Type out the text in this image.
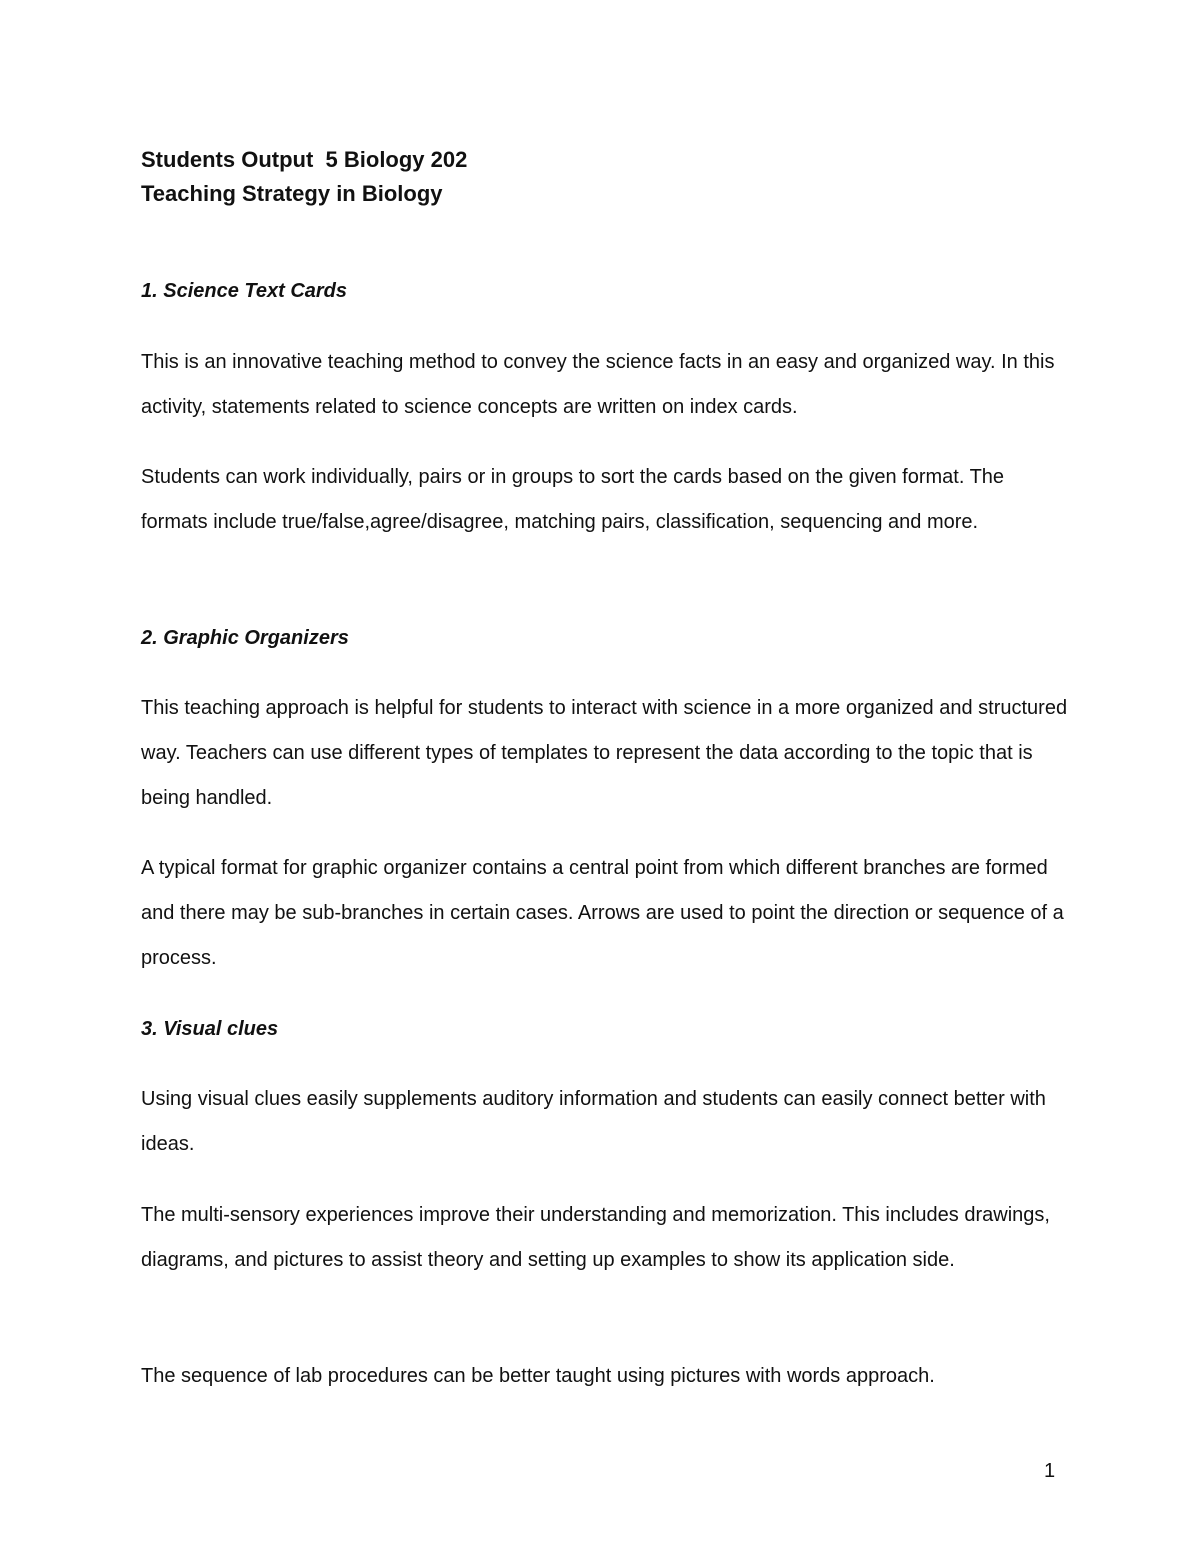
Students Output  5 Biology 202
Teaching Strategy in Biology
1. Science Text Cards
This is an innovative teaching method to convey the science facts in an easy and organized way. In this activity, statements related to science concepts are written on index cards.
Students can work individually, pairs or in groups to sort the cards based on the given format. The formats include true/false,agree/disagree, matching pairs, classification, sequencing and more.
2. Graphic Organizers
This teaching approach is helpful for students to interact with science in a more organized and structured way. Teachers can use different types of templates to represent the data according to the topic that is being handled.
A typical format for graphic organizer contains a central point from which different branches are formed and there may be sub-branches in certain cases. Arrows are used to point the direction or sequence of a process.
3. Visual clues
Using visual clues easily supplements auditory information and students can easily connect better with ideas.
The multi-sensory experiences improve their understanding and memorization. This includes drawings, diagrams, and pictures to assist theory and setting up examples to show its application side.
The sequence of lab procedures can be better taught using pictures with words approach.
1
